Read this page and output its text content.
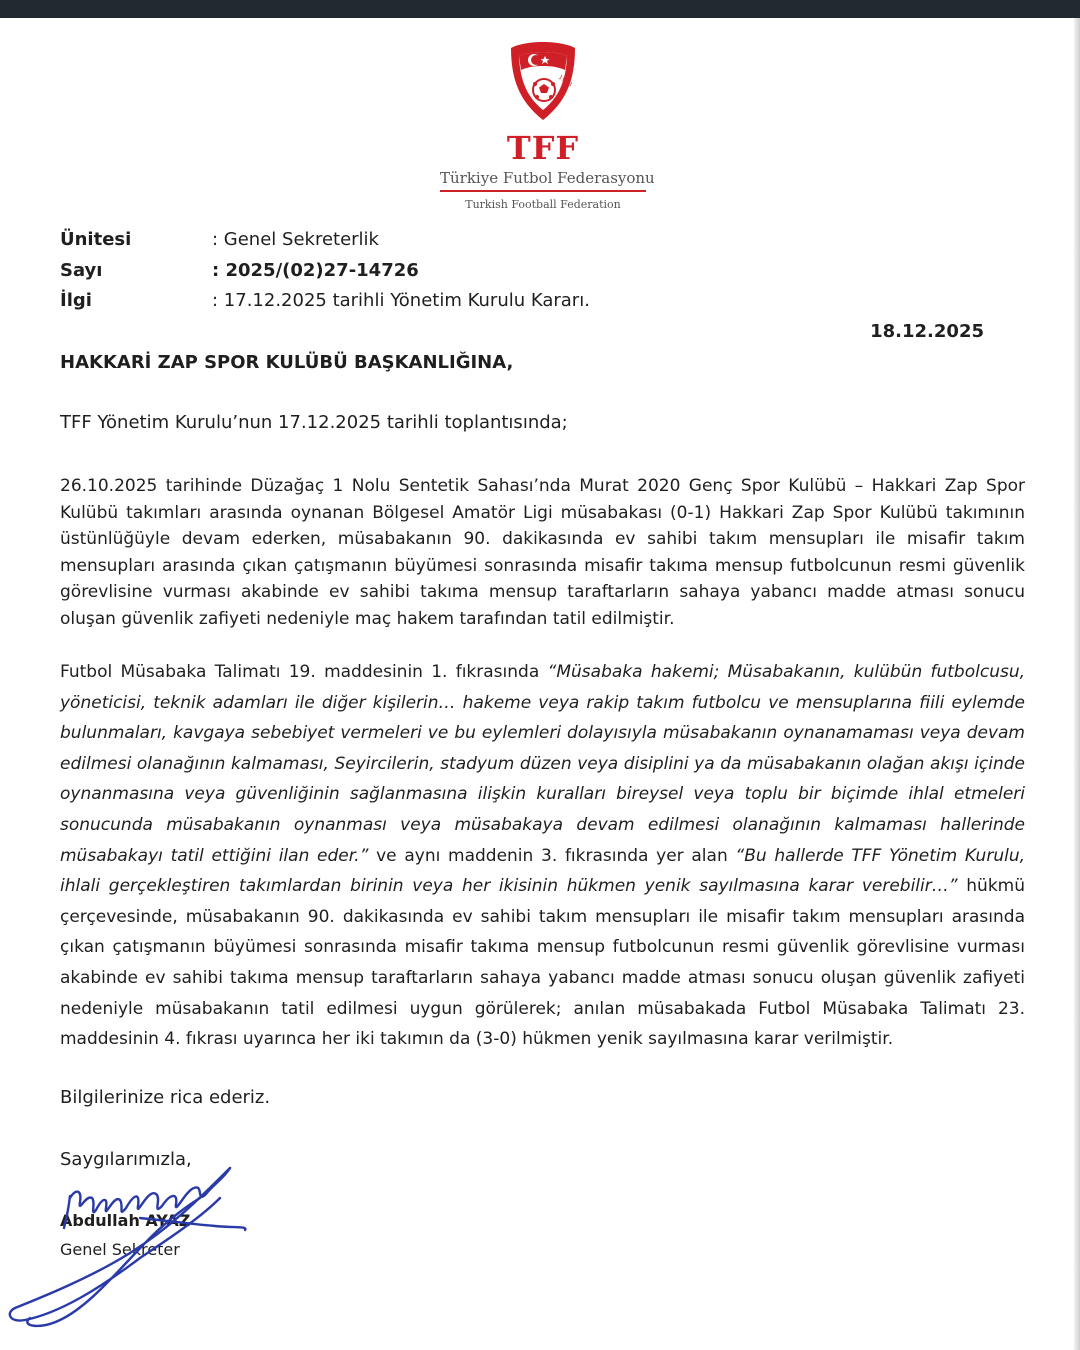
1923
TFF
Türkiye Futbol Federasyonu
Turkish Football Federation
Ünitesi	: Genel Sekreterlik
Sayı	: 2025/(02)27-14726
İlgi	: 17.12.2025 tarihli Yönetim Kurulu Kararı.
18.12.2025
HAKKARİ ZAP SPOR KULÜBÜ BAŞKANLIĞINA,
TFF Yönetim Kurulu’nun 17.12.2025 tarihli toplantısında;

26.10.2025 tarihinde Düzağaç 1 Nolu Sentetik Sahası’nda Murat 2020 Genç Spor Kulübü – Hakkari Zap Spor Kulübü takımları arasında oynanan Bölgesel Amatör Ligi müsabakası (0-1) Hakkari Zap Spor Kulübü takımının üstünlüğüyle devam ederken, müsabakanın 90. dakikasında ev sahibi takım mensupları ile misafir takım mensupları arasında çıkan çatışmanın büyümesi sonrasında misafir takıma mensup futbolcunun resmi güvenlik görevlisine vurması akabinde ev sahibi takıma mensup taraftarların sahaya yabancı madde atması sonucu oluşan güvenlik zafiyeti nedeniyle maç hakem tarafından tatil edilmiştir.

Futbol Müsabaka Talimatı 19. maddesinin 1. fıkrasında “Müsabaka hakemi; Müsabakanın, kulübün futbolcusu, yöneticisi, teknik adamları ile diğer kişilerin… hakeme veya rakip takım futbolcu ve mensuplarına fiili eylemde bulunmaları, kavgaya sebebiyet vermeleri ve bu eylemleri dolayısıyla müsabakanın oynanamaması veya devam edilmesi olanağının kalmaması, Seyircilerin, stadyum düzen veya disiplini ya da müsabakanın olağan akışı içinde oynanmasına veya güvenliğinin sağlanmasına ilişkin kuralları bireysel veya toplu bir biçimde ihlal etmeleri sonucunda müsabakanın oynanması veya müsabakaya devam edilmesi olanağının kalmaması hallerinde müsabakayı tatil ettiğini ilan eder.” ve aynı maddenin 3. fıkrasında yer alan “Bu hallerde TFF Yönetim Kurulu, ihlali gerçekleştiren takımlardan birinin veya her ikisinin hükmen yenik sayılmasına karar verebilir…” hükmü çerçevesinde, müsabakanın 90. dakikasında ev sahibi takım mensupları ile misafir takım mensupları arasında çıkan çatışmanın büyümesi sonrasında misafir takıma mensup futbolcunun resmi güvenlik görevlisine vurması akabinde ev sahibi takıma mensup taraftarların sahaya yabancı madde atması sonucu oluşan güvenlik zafiyeti nedeniyle müsabakanın tatil edilmesi uygun görülerek; anılan müsabakada Futbol Müsabaka Talimatı 23. maddesinin 4. fıkrası uyarınca her iki takımın da (3-0) hükmen yenik sayılmasına karar verilmiştir.

Bilgilerinize rica ederiz.
Saygılarımızla,
Abdullah AYAZ
Genel Sekreter
